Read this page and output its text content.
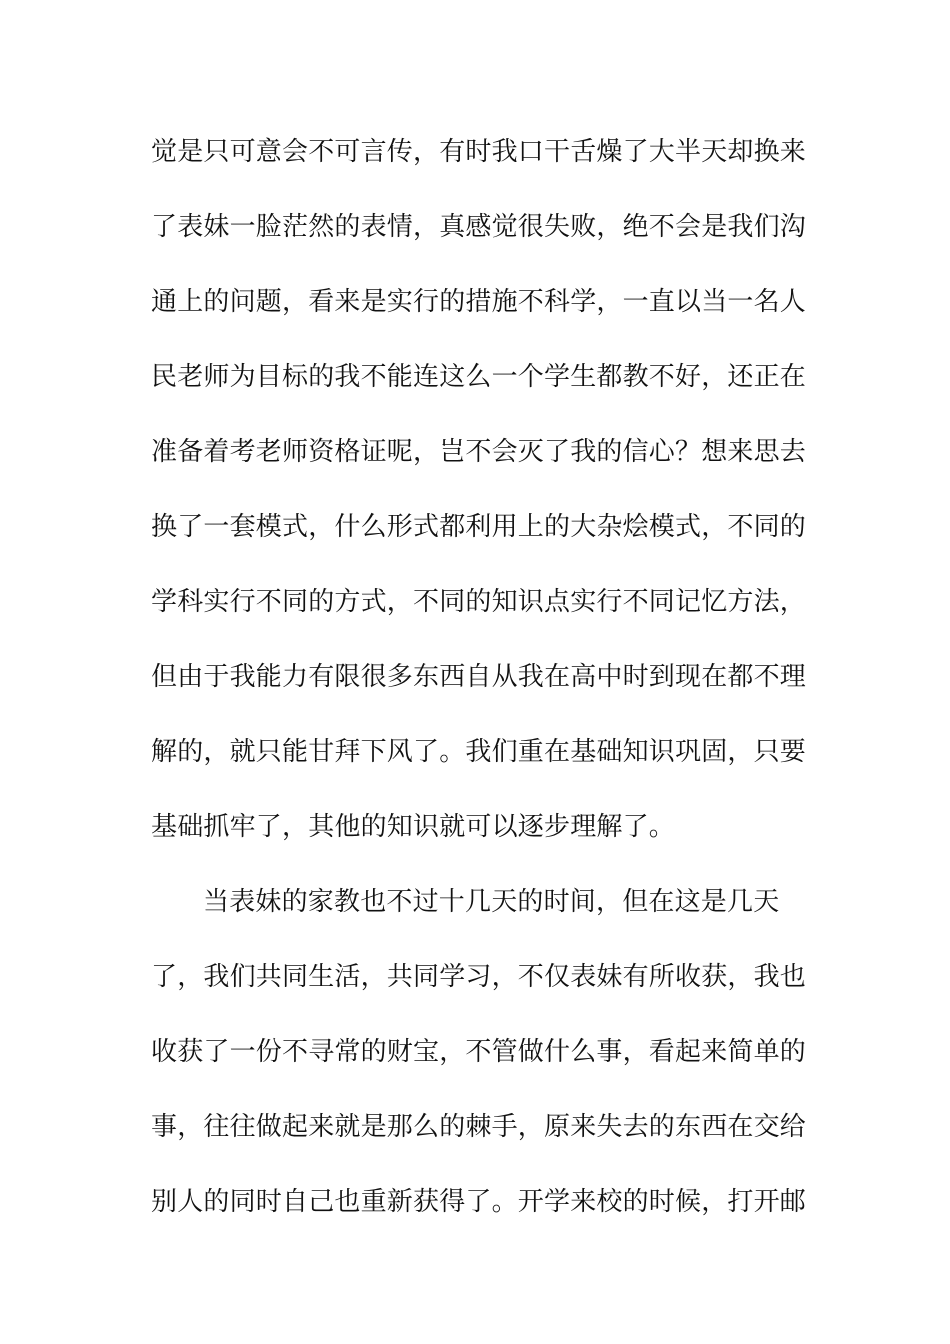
觉是只可意会不可言传，有时我口干舌燥了大半天却换来
了表妹一脸茫然的表情，真感觉很失败，绝不会是我们沟
通上的问题，看来是实行的措施不科学，一直以当一名人
民老师为目标的我不能连这么一个学生都教不好，还正在
准备着考老师资格证呢，岂不会灭了我的信心？想来思去
换了一套模式，什么形式都利用上的大杂烩模式，不同的
学科实行不同的方式，不同的知识点实行不同记忆方法，
但由于我能力有限很多东西自从我在高中时到现在都不理
解的，就只能甘拜下风了。我们重在基础知识巩固，只要
基础抓牢了，其他的知识就可以逐步理解了。
当表妹的家教也不过十几天的时间，但在这是几天
了，我们共同生活，共同学习，不仅表妹有所收获，我也
收获了一份不寻常的财宝，不管做什么事，看起来简单的
事，往往做起来就是那么的棘手，原来失去的东西在交给
别人的同时自己也重新获得了。开学来校的时候，打开邮
